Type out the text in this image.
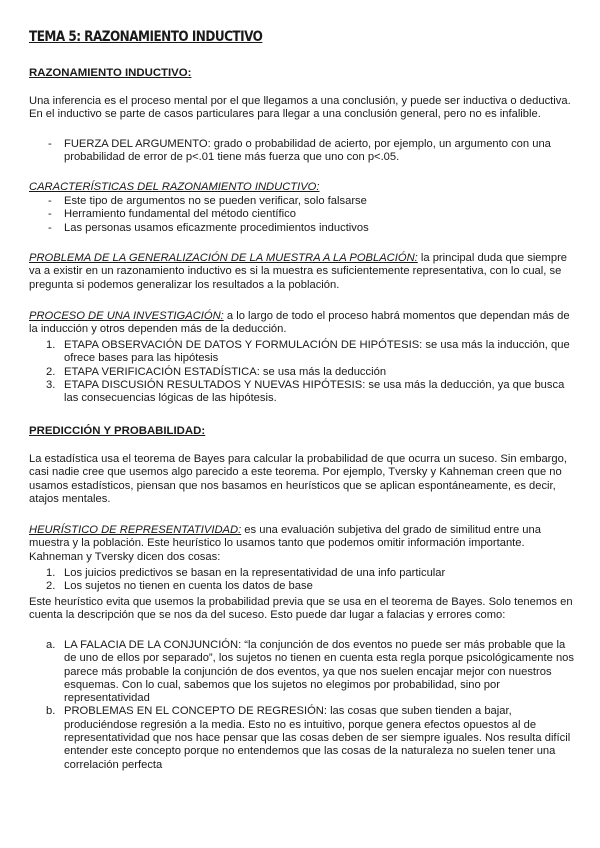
TEMA 5: RAZONAMIENTO INDUCTIVO
RAZONAMIENTO INDUCTIVO:

Una inferencia es el proceso mental por el que llegamos a una conclusión, y puede ser inductiva o deductiva. En el inductivo se parte de casos particulares para llegar a una conclusión general, pero no es infalible.

- FUERZA DEL ARGUMENTO: grado o probabilidad de acierto, por ejemplo, un argumento con una probabilidad de error de p<.01 tiene más fuerza que uno con p<.05.

CARACTERÍSTICAS DEL RAZONAMIENTO INDUCTIVO:

- Este tipo de argumentos no se pueden verificar, solo falsarse
- Herramiento fundamental del método científico
- Las personas usamos eficazmente procedimientos inductivos

PROBLEMA DE LA GENERALIZACIÓN DE LA MUESTRA A LA POBLACIÓN: la principal duda que siempre va a existir en un razonamiento inductivo es si la muestra es suficientemente representativa, con lo cual, se pregunta si podemos generalizar los resultados a la población.

PROCESO DE UNA INVESTIGACIÓN: a lo largo de todo el proceso habrá momentos que dependan más de la inducción y otros dependen más de la deducción.

1. ETAPA OBSERVACIÓN DE DATOS Y FORMULACIÓN DE HIPÓTESIS: se usa más la inducción, que ofrece bases para las hipótesis
2. ETAPA VERIFICACIÓN ESTADÍSTICA: se usa más la deducción
3. ETAPA DISCUSIÓN RESULTADOS Y NUEVAS HIPÓTESIS: se usa más la deducción, ya que busca las consecuencias lógicas de las hipótesis.
PREDICCIÓN Y PROBABILIDAD:

La estadística usa el teorema de Bayes para calcular la probabilidad de que ocurra un suceso. Sin embargo, casi nadie cree que usemos algo parecido a este teorema. Por ejemplo, Tversky y Kahneman creen que no usamos estadísticos, piensan que nos basamos en heurísticos que se aplican espontáneamente, es decir, atajos mentales.

HEURÍSTICO DE REPRESENTATIVIDAD: es una evaluación subjetiva del grado de similitud entre una muestra y la población. Este heurístico lo usamos tanto que podemos omitir información importante. Kahneman y Tversky dicen dos cosas:

1. Los juicios predictivos se basan en la representatividad de una info particular
2. Los sujetos no tienen en cuenta los datos de base

Este heurístico evita que usemos la probabilidad previa que se usa en el teorema de Bayes. Solo tenemos en cuenta la descripción que se nos da del suceso. Esto puede dar lugar a falacias y errores como:

a. LA FALACIA DE LA CONJUNCIÓN: “la conjunción de dos eventos no puede ser más probable que la de uno de ellos por separado”, los sujetos no tienen en cuenta esta regla porque psicológicamente nos parece más probable la conjunción de dos eventos, ya que nos suelen encajar mejor con nuestros esquemas. Con lo cual, sabemos que los sujetos no elegimos por probabilidad, sino por representatividad
b. PROBLEMAS EN EL CONCEPTO DE REGRESIÓN: las cosas que suben tienden a bajar, produciéndose regresión a la media. Esto no es intuitivo, porque genera efectos opuestos al de representatividad que nos hace pensar que las cosas deben de ser siempre iguales. Nos resulta difícil entender este concepto porque no entendemos que las cosas de la naturaleza no suelen tener una correlación perfecta
